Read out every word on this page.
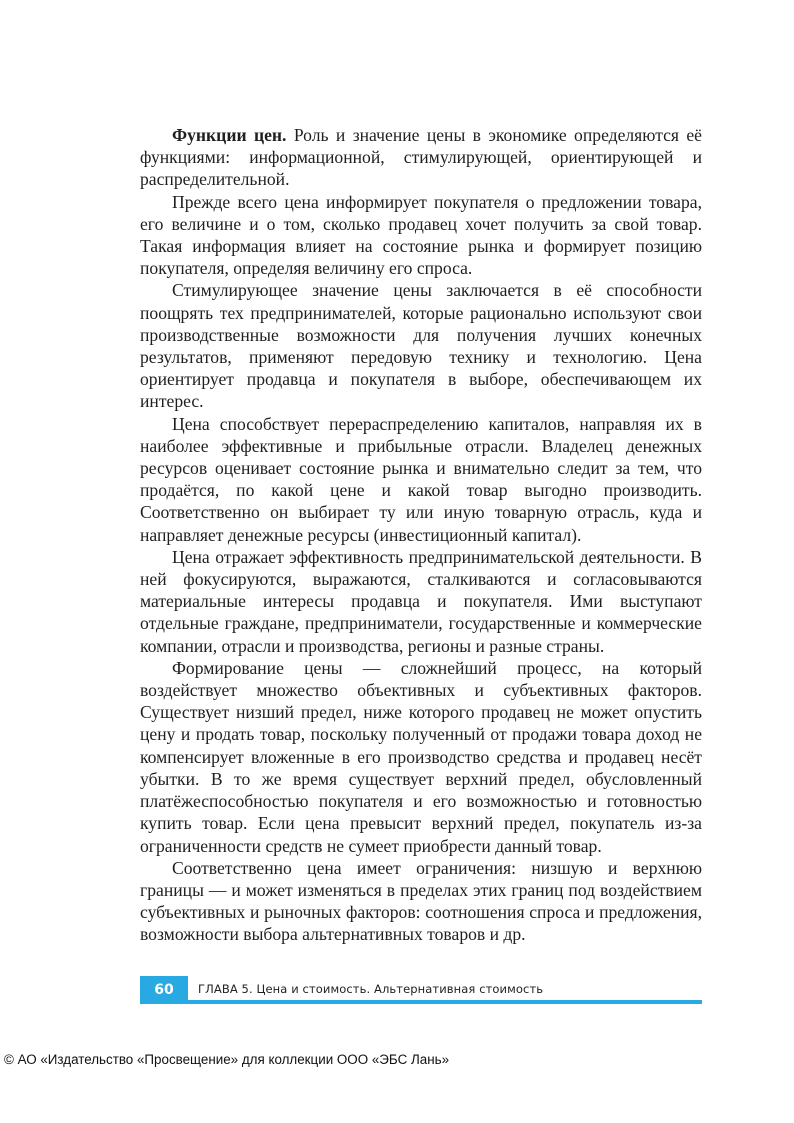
Функции цен. Роль и значение цены в экономике определяются её функциями: информационной, стимулирующей, ориентирующей и распределительной.

Прежде всего цена информирует покупателя о предложении товара, его величине и о том, сколько продавец хочет получить за свой товар. Такая информация влияет на состояние рынка и формирует позицию покупателя, определяя величину его спроса.

Стимулирующее значение цены заключается в её способности поощрять тех предпринимателей, которые рационально используют свои производственные возможности для получения лучших конечных результатов, применяют передовую технику и технологию. Цена ориентирует продавца и покупателя в выборе, обеспечивающем их интерес.

Цена способствует перераспределению капиталов, направляя их в наиболее эффективные и прибыльные отрасли. Владелец денежных ресурсов оценивает состояние рынка и внимательно следит за тем, что продаётся, по какой цене и какой товар выгодно производить. Соответственно он выбирает ту или иную товарную отрасль, куда и направляет денежные ресурсы (инвестиционный капитал).

Цена отражает эффективность предпринимательской деятельности. В ней фокусируются, выражаются, сталкиваются и согласовываются материальные интересы продавца и покупателя. Ими выступают отдельные граждане, предприниматели, государственные и коммерческие компании, отрасли и производства, регионы и разные страны.

Формирование цены — сложнейший процесс, на который воздействует множество объективных и субъективных факторов. Существует низший предел, ниже которого продавец не может опустить цену и продать товар, поскольку полученный от продажи товара доход не компенсирует вложенные в его производство средства и продавец несёт убытки. В то же время существует верхний предел, обусловленный платёжеспособностью покупателя и его возможностью и готовностью купить товар. Если цена превысит верхний предел, покупатель из-за ограниченности средств не сумеет приобрести данный товар.

Соответственно цена имеет ограничения: низшую и верхнюю границы — и может изменяться в пределах этих границ под воздействием субъективных и рыночных факторов: соотношения спроса и предложения, возможности выбора альтернативных товаров и др.

60	ГЛАВА 5. Цена и стоимость. Альтернативная стоимость
© АО «Издательство «Просвещение» для коллекции ООО «ЭБС Лань»
